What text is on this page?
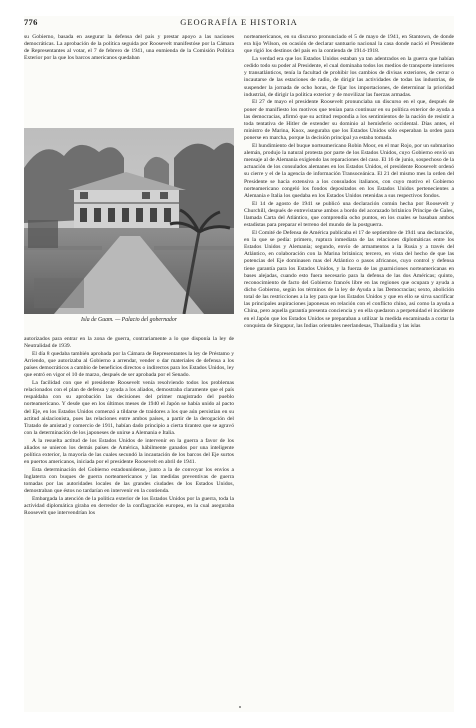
776	GEOGRAFÍA E HISTORIA

su Gobierno, basada en asegurar la defensa del país y prestar apoyo a las naciones democráticas. La aprobación de la política seguida por Roosevelt manifestóse por la Cámara de Representantes al votar, el 7 de febrero de 1941, una enmienda de la Comisión Política Exterior por la que los barcos americanos quedaban

Isla de Guam. — Palacio del gobernador

autorizados para entrar en la zona de guerra, contrariamente a lo que disponía la ley de Neutralidad de 1939.

El día 8 quedaba también aprobada por la Cámara de Representantes la ley de Préstamo y Arriendo, que autorizaba al Gobierno a arrendar, vender o dar materiales de defensa a los países democráticos a cambio de beneficios directos o indirectos para los Estados Unidos, ley que entró en vigor el 10 de marzo, después de ser aprobada por el Senado.

La facilidad con que el presidente Roosevelt venía resolviendo todos los problemas relacionados con el plan de defensa y ayuda a los aliados, demostraba claramente que el país respaldaba con su aprobación las decisiones del primer magistrado del pueblo norteamericano. Y desde que en los últimos meses de 1940 el Japón se había unido al pacto del Eje, en los Estados Unidos comenzó a tildarse de traidores a los que aún persistían en su actitud aislacionista, pues las relaciones entre ambos países, a partir de la derogación del Tratado de amistad y comercio de 1911, habían dado principio a cierta tirantez que se agravó con la determinación de los japoneses de unirse a Alemania e Italia.

A la resuelta actitud de los Estados Unidos de intervenir en la guerra a favor de los aliados se unieron los demás países de América, hábilmente ganados por una inteligente política exterior, la mayoría de las cuales secundó la incautación de los barcos del Eje surtos en puertos americanos, iniciada por el presidente Roosevelt en abril de 1941.

Esta determinación del Gobierno estadounidense, junto a la de convoyar los envíos a Inglaterra con buques de guerra norteamericanos y las medidas preventivas de guerra tomadas por las autoridades locales de las grandes ciudades de los Estados Unidos, demostraban que éstos no tardarían en intervenir en la contienda.

Embargada la atención de la política exterior de los Estados Unidos por la guerra, toda la actividad diplomática giraba en derredor de la conflagración europea, en la cual aseguraba Roosevelt que intervendrían los

norteamericanos, en su discurso pronunciado el 5 de mayo de 1941, en Stantown, de donde era hijo Wilson, en ocasión de declarar santuario nacional la casa donde nació el Presidente que rigió los destinos del país en la contienda de 1914-1918.

La verdad era que los Estados Unidos estaban ya tan adentrados en la guerra que habían cedido todo su poder al Presidente, el cual dominaba todos los medios de transporte interiores y transatlánticos, tenía la facultad de prohibir los cambios de divisas exteriores, de cerrar o incautarse de las estaciones de radio, de dirigir las actividades de todas las industrias, de suspender la jornada de ocho horas, de fijar los importaciones, de determinar la prioridad industrial, de dirigir la política exterior y de movilizar las fuerzas armadas.

El 27 de mayo el presidente Roosevelt pronunciaba un discurso en el que, después de poner de manifiesto los motivos que tenían para continuar en su política exterior de ayuda a las democracias, afirmó que su actitud respondía a los sentimientos de la nación de resistir a toda tentativa de Hitler de extender su dominio al hemisferio occidental. Días antes, el ministro de Marina, Knox, aseguraba que los Estados Unidos sólo esperaban la orden para ponerse en marcha, porque la decisión principal ya estaba tomada.

El hundimiento del buque norteamericano Robin Moor, en el mar Rojo, por un submarino alemán, produjo la natural protesta por parte de los Estados Unidos, cuyo Gobierno envió un mensaje al de Alemania exigiendo las reparaciones del caso. El 16 de junio, sospechoso de la actuación de los consulados alemanes en los Estados Unidos, el presidente Roosevelt ordenó su cierre y el de la agencia de información Transoceánica. El 21 del mismo mes la orden del Presidente se hacía extensiva a los consulados italianos, con cuyo motivo el Gobierno norteamericano congeló los fondos depositados en los Estados Unidos pertenecientes a Alemania e Italia los quedaba en los Estados Unidos retenidas a sus respectivos fondos.

El 14 de agosto de 1941 se publicó una declaración común hecha por Roosevelt y Churchill, después de entrevistarse ambos a bordo del acorazado británico Príncipe de Gales, llamada Carta del Atlántico, que comprendía ocho puntos, en los cuales se basaban ambos estadistas para preparar el terreno del mundo de la postguerra.

El Comité de Defensa de América publicaba el 17 de septiembre de 1941 una declaración, en la que se pedía: primero, ruptura inmediata de las relaciones diplomáticas entre los Estados Unidos y Alemania; segundo, envío de armamentos a la Rusia y a través del Atlántico, en colaboración con la Marina británica; tercero, en vista del hecho de que las potencias del Eje dominasen mas del Atlántico o pasos africanos, cuyo control y defensa tiene garantía para los Estados Unidos, y la fuerza de las guarniciones norteamericanas en bases alejadas, cuando esto fuera necesario para la defensa de las dos Américas; quinto, reconocimiento de facto del Gobierno francés libre en las regiones que ocupara y ayuda a dicho Gobierno, según los términos de la ley de Ayuda a las Democracias; sexto, abolición total de las restricciones a la ley para que los Estados Unidos y que en ello se sirva sacrificar las principales aspiraciones japonesas en relación con el conflicto chino, así como la ayuda a China, pero aquella garantía presenta conciencia y en ella quedaron a perpetuidad el incidente en el Japón que los Estados Unidos se preparaban a utilizar la medida encaminada a cortar la conquista de Singapur, las Indias orientales neerlandesas, Thailandia y las islas
